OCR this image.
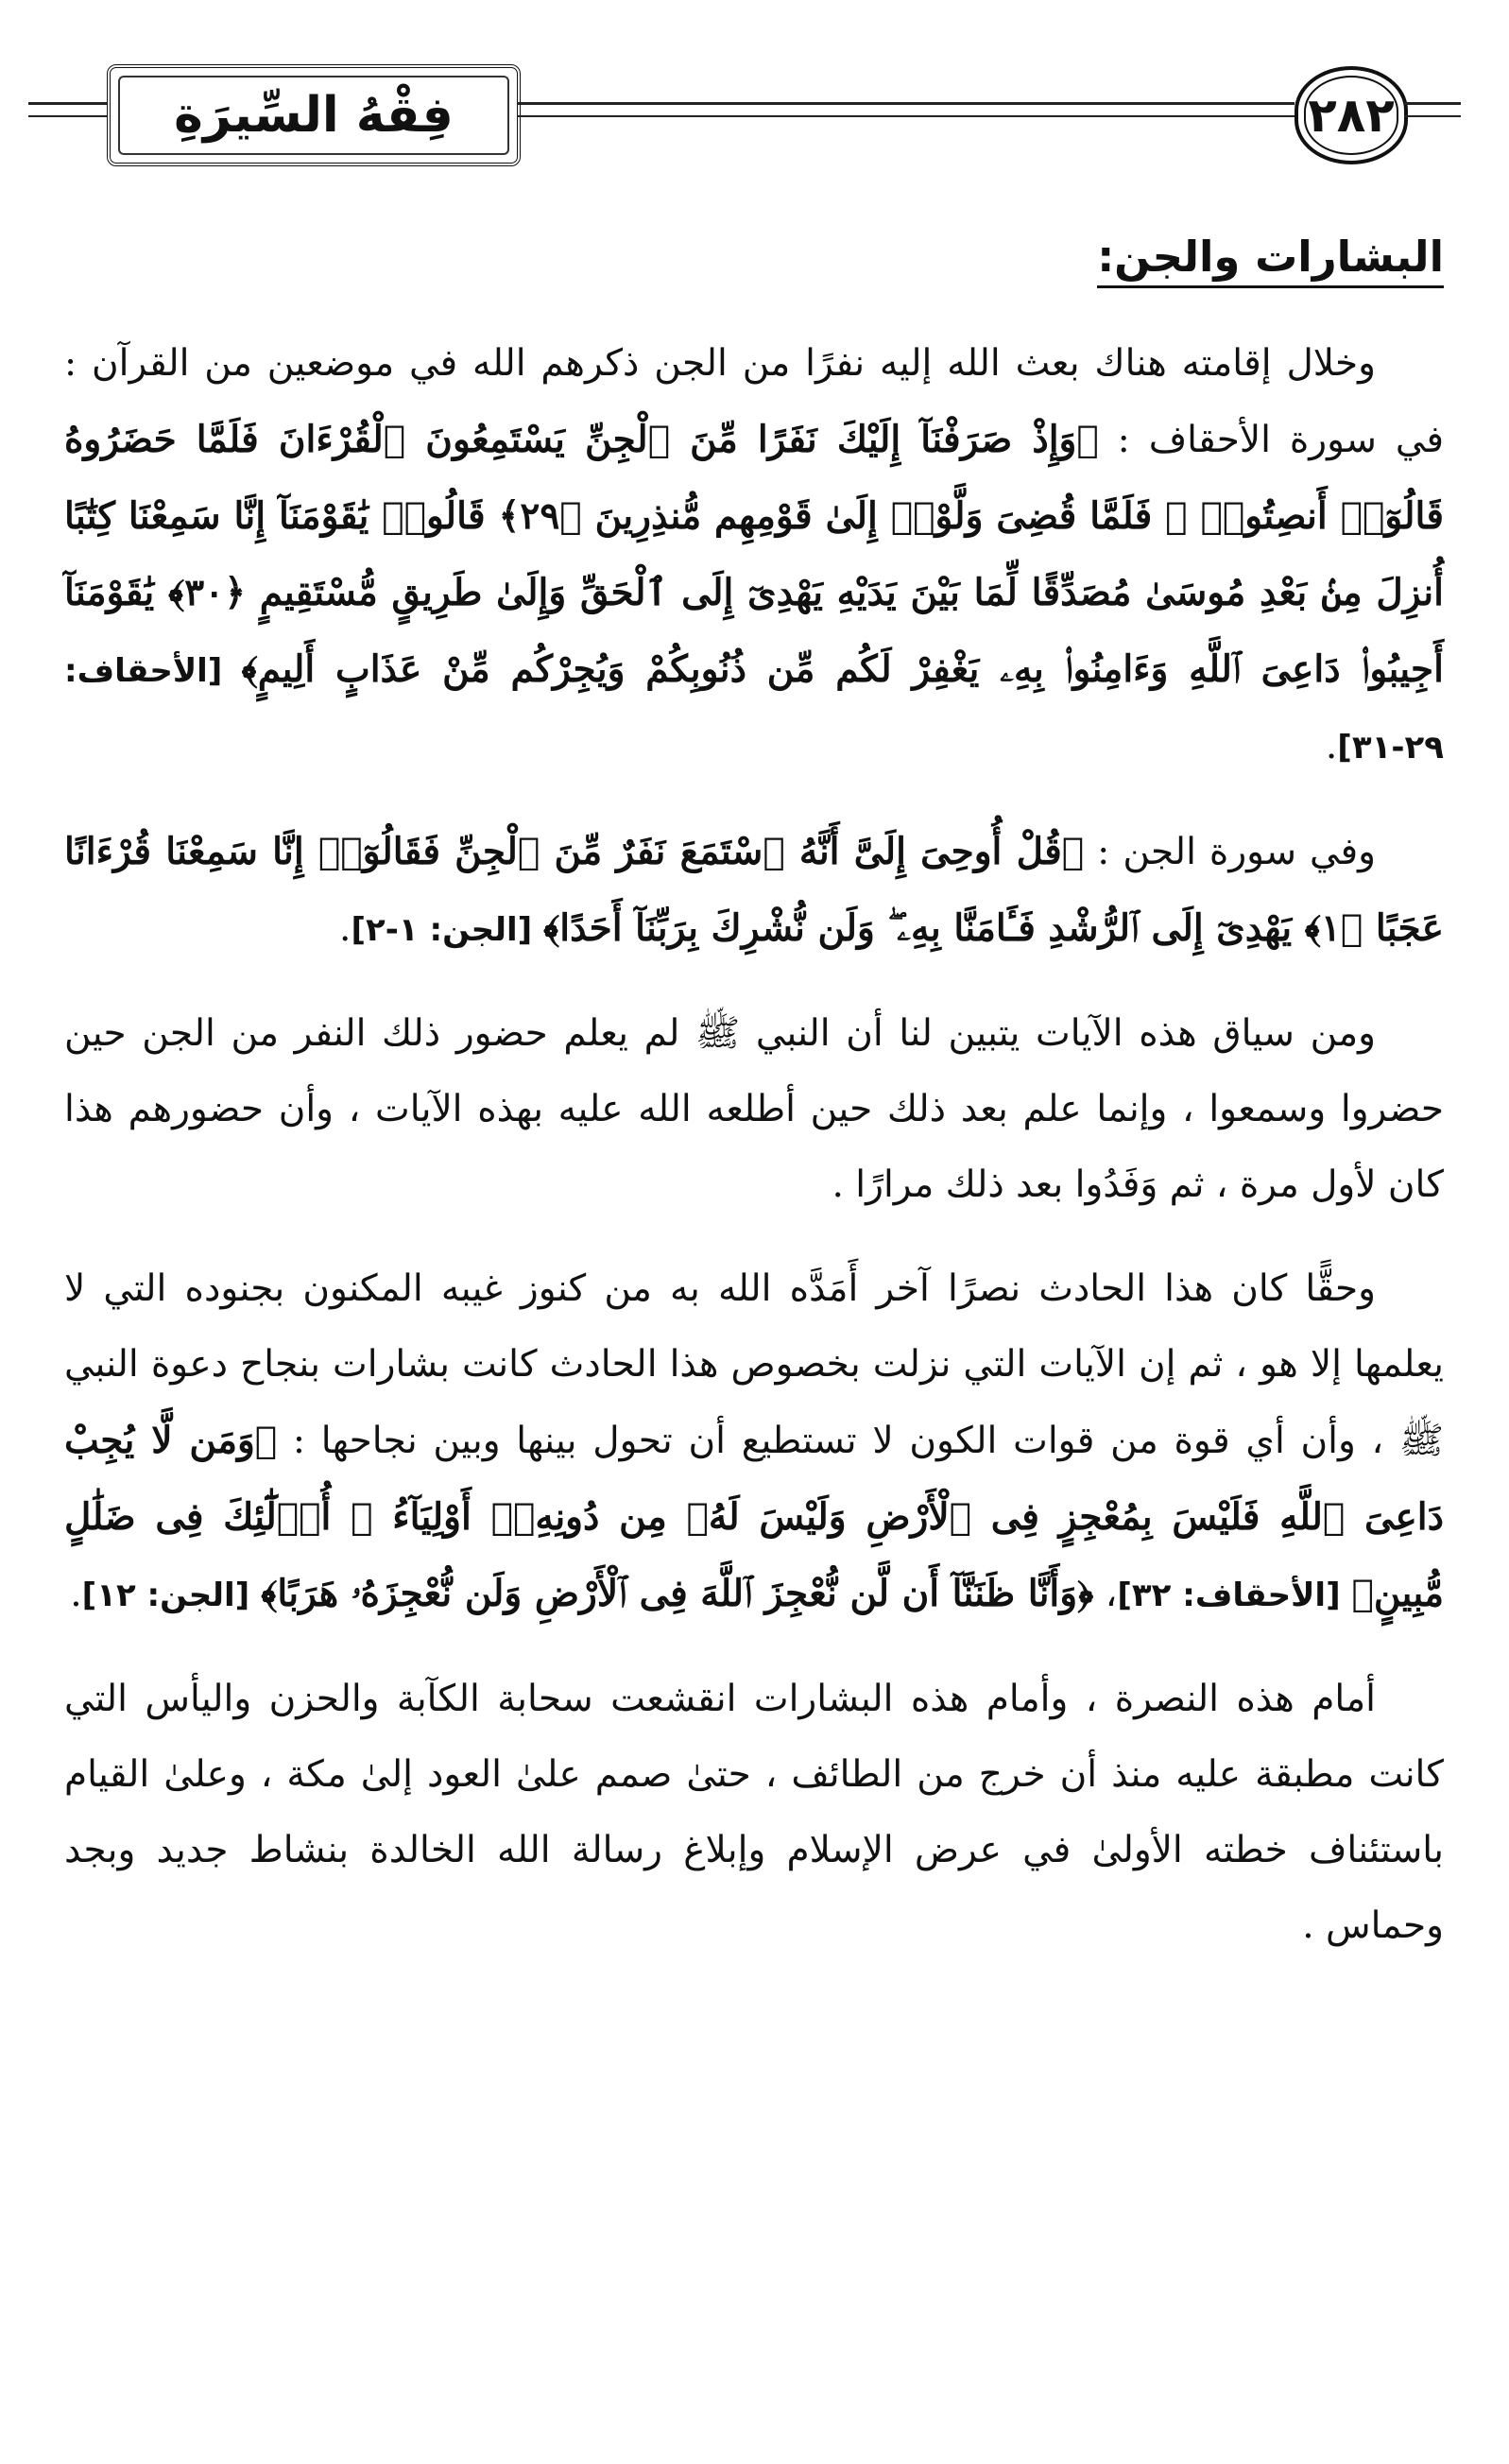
فِقْهُ السِّيرَةِ	٢٨٢
البشارات والجن:

وخلال إقامته هناك بعث الله إليه نفرًا من الجن ذكرهم الله في موضعين من القرآن : في سورة الأحقاف : ﴿وَإِذْ صَرَفْنَآ إِلَيْكَ نَفَرًا مِّنَ ٱلْجِنِّ يَسْتَمِعُونَ ٱلْقُرْءَانَ فَلَمَّا حَضَرُوهُ قَالُوٓا۟ أَنصِتُوا۟ ۖ فَلَمَّا قُضِىَ وَلَّوْا۟ إِلَىٰ قَوْمِهِم مُّنذِرِينَ ﴿٢٩﴾ قَالُوا۟ يَٰقَوْمَنَآ إِنَّا سَمِعْنَا كِتَٰبًا أُنزِلَ مِنۢ بَعْدِ مُوسَىٰ مُصَدِّقًا لِّمَا بَيْنَ يَدَيْهِ يَهْدِىٓ إِلَى ٱلْحَقِّ وَإِلَىٰ طَرِيقٍ مُّسْتَقِيمٍ ﴿٣٠﴾ يَٰقَوْمَنَآ أَجِيبُوا۟ دَاعِىَ ٱللَّهِ وَءَامِنُوا۟ بِهِۦ يَغْفِرْ لَكُم مِّن ذُنُوبِكُمْ وَيُجِرْكُم مِّنْ عَذَابٍ أَلِيمٍ﴾ [الأحقاف: ٢٩-٣١].

وفي سورة الجن : ﴿قُلْ أُوحِىَ إِلَىَّ أَنَّهُ ٱسْتَمَعَ نَفَرٌ مِّنَ ٱلْجِنِّ فَقَالُوٓا۟ إِنَّا سَمِعْنَا قُرْءَانًا عَجَبًا ﴿١﴾ يَهْدِىٓ إِلَى ٱلرُّشْدِ فَـَٔامَنَّا بِهِۦ ۖ وَلَن نُّشْرِكَ بِرَبِّنَآ أَحَدًا﴾ [الجن: ١-٢].

ومن سياق هذه الآيات يتبين لنا أن النبي ﷺ لم يعلم حضور ذلك النفر من الجن حين حضروا وسمعوا ، وإنما علم بعد ذلك حين أطلعه الله عليه بهذه الآيات ، وأن حضورهم هذا كان لأول مرة ، ثم وَفَدُوا بعد ذلك مرارًا .

وحقًّا كان هذا الحادث نصرًا آخر أَمَدَّه الله به من كنوز غيبه المكنون بجنوده التي لا يعلمها إلا هو ، ثم إن الآيات التي نزلت بخصوص هذا الحادث كانت بشارات بنجاح دعوة النبي ﷺ ، وأن أي قوة من قوات الكون لا تستطيع أن تحول بينها وبين نجاحها : ﴿وَمَن لَّا يُجِبْ دَاعِىَ ٱللَّهِ فَلَيْسَ بِمُعْجِزٍ فِى ٱلْأَرْضِ وَلَيْسَ لَهُۥ مِن دُونِهِۦٓ أَوْلِيَآءُ ۚ أُو۟لَٰٓئِكَ فِى ضَلَٰلٍ مُّبِينٍ﴾ [الأحقاف: ٣٢]، ﴿وَأَنَّا ظَنَنَّآ أَن لَّن نُّعْجِزَ ٱللَّهَ فِى ٱلْأَرْضِ وَلَن نُّعْجِزَهُۥ هَرَبًا﴾ [الجن: ١٢].

أمام هذه النصرة ، وأمام هذه البشارات انقشعت سحابة الكآبة والحزن واليأس التي كانت مطبقة عليه منذ أن خرج من الطائف ، حتىٰ صمم علىٰ العود إلىٰ مكة ، وعلىٰ القيام باستئناف خطته الأولىٰ في عرض الإسلام وإبلاغ رسالة الله الخالدة بنشاط جديد وبجد وحماس .
